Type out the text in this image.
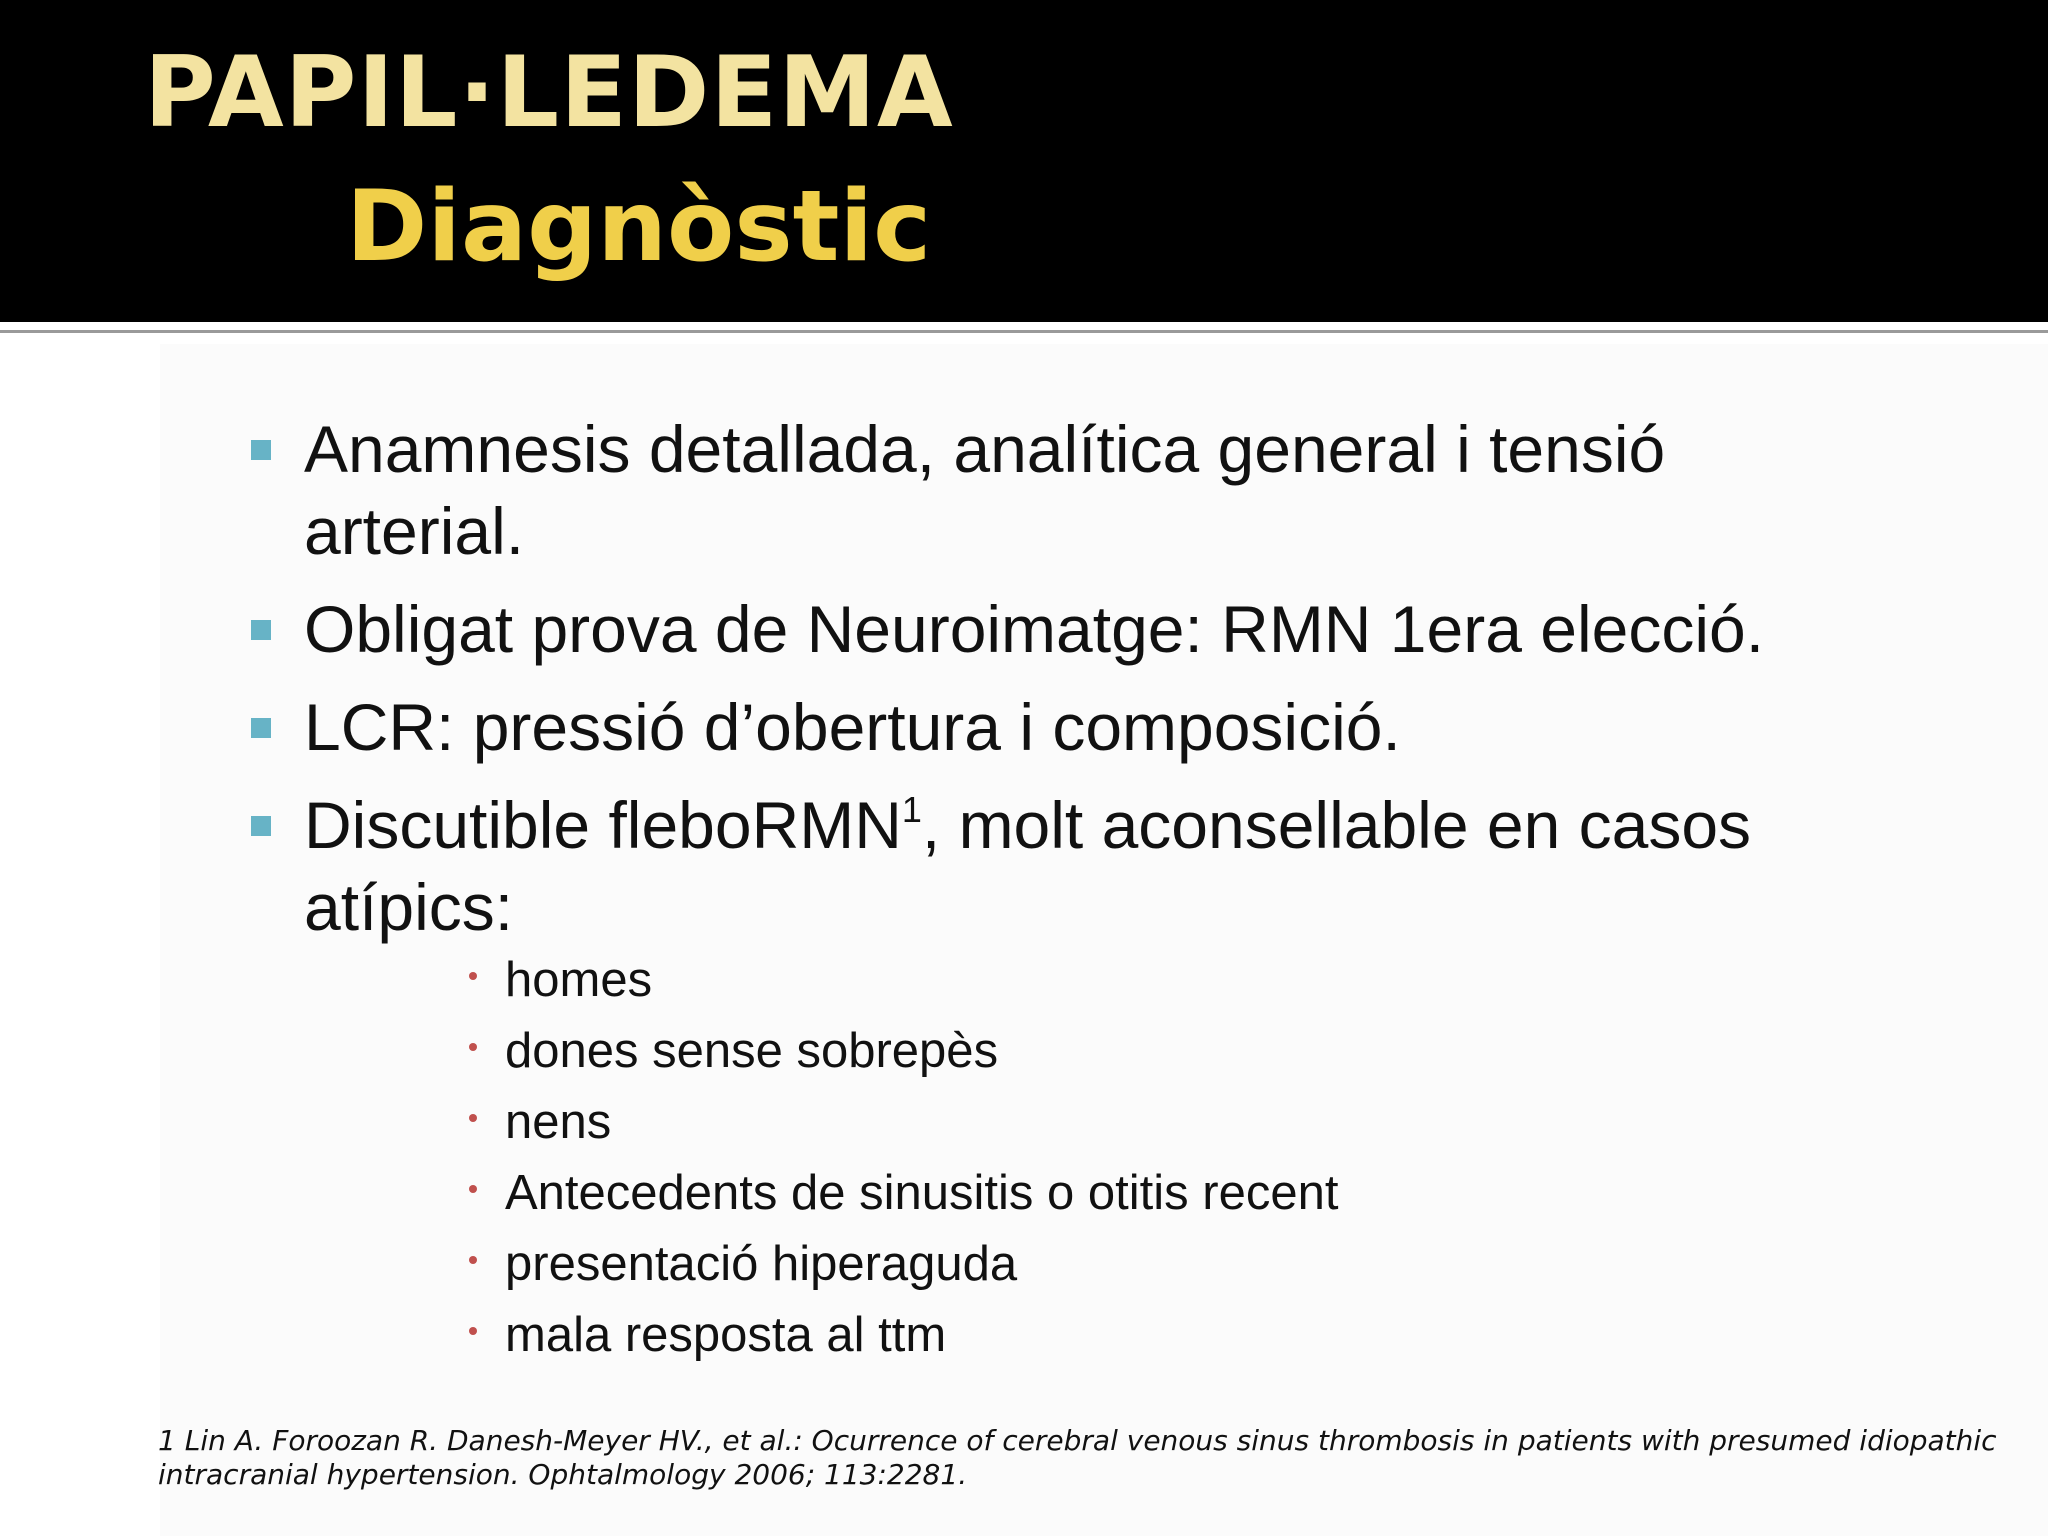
PAPIL·LEDEMA
Diagnòstic
Anamnesis detallada, analítica general i tensió arterial.
Obligat prova de Neuroimatge: RMN 1era elecció.
LCR: pressió d’obertura i composició.
Discutible fleboRMN$^1$, molt aconsellable en casos atípics:
homes
dones sense sobrepès
nens
Antecedents de sinusitis o otitis recent
presentació hiperaguda
mala resposta al ttm
1 Lin A. Foroozan R. Danesh-Meyer HV., et al.: Ocurrence of cerebral venous sinus thrombosis in patients with presumed idiopathic intracranial hypertension. Ophtalmology 2006; 113:2281.
